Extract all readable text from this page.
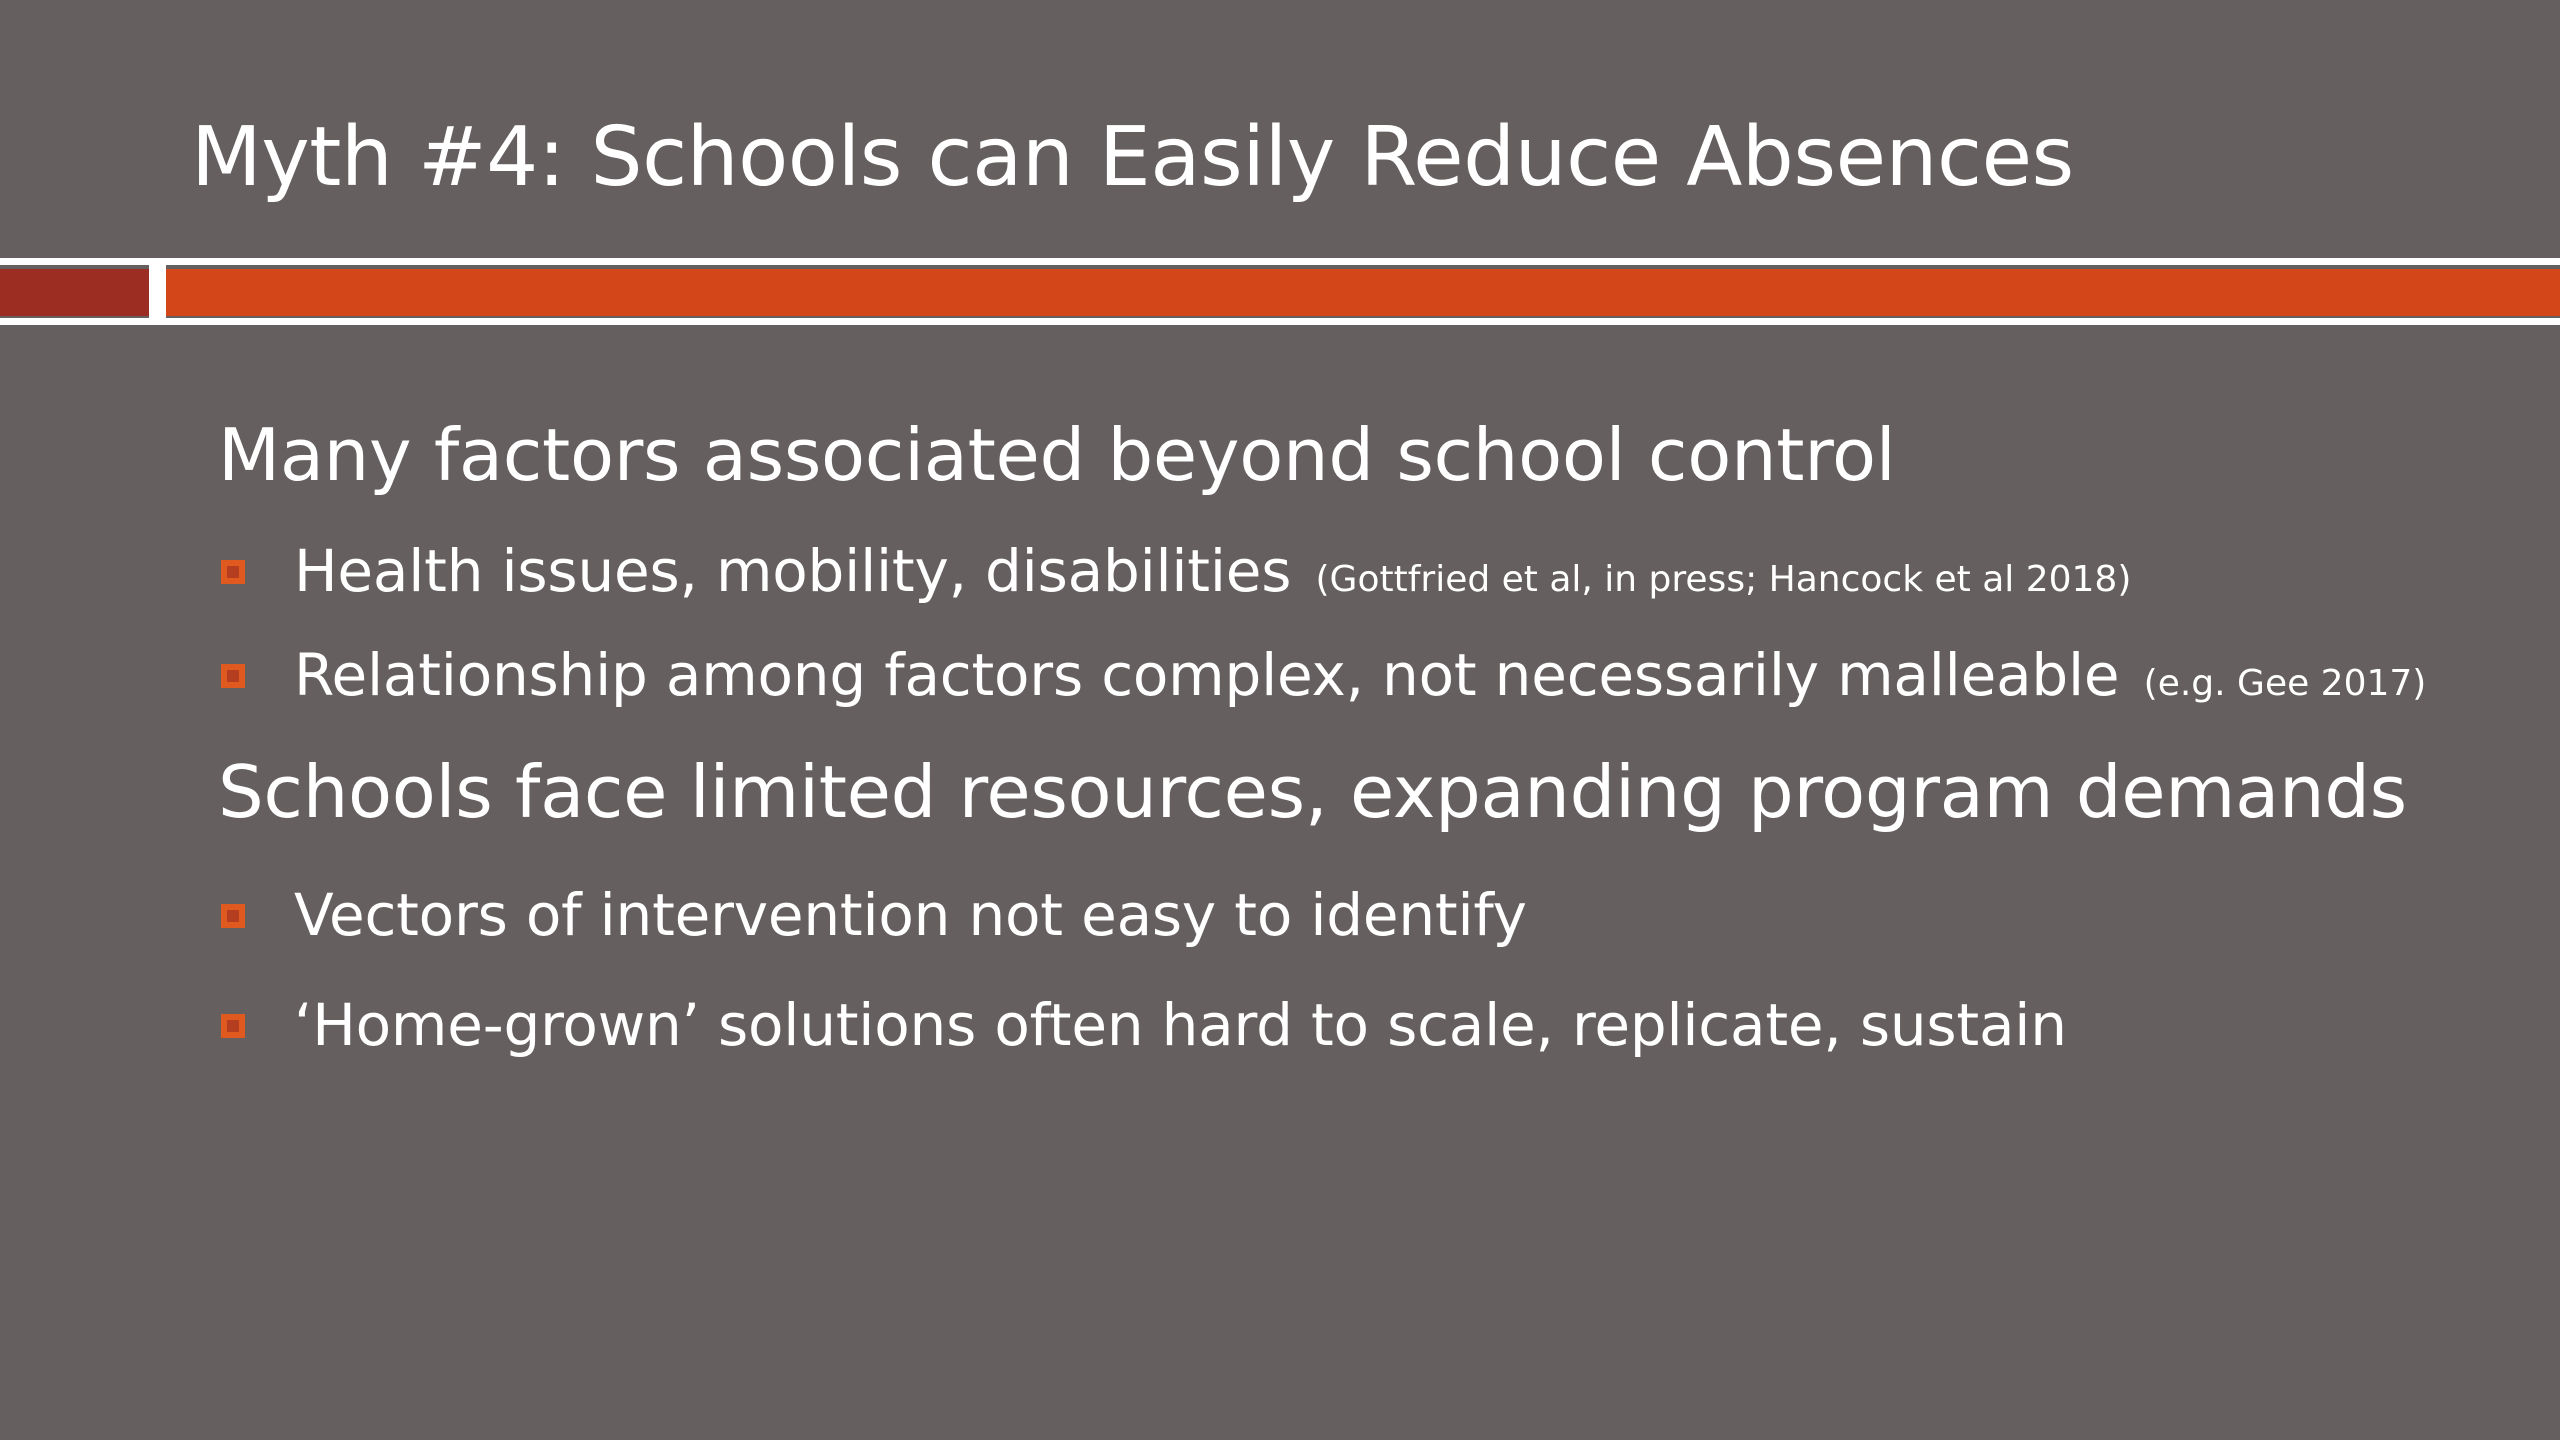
Myth #4: Schools can Easily Reduce Absences
Many factors associated beyond school control
Health issues, mobility, disabilities (Gottfried et al, in press; Hancock et al 2018)
Relationship among factors complex, not necessarily malleable (e.g. Gee 2017)
Schools face limited resources, expanding program demands
Vectors of intervention not easy to identify
‘Home-grown’ solutions often hard to scale, replicate, sustain
